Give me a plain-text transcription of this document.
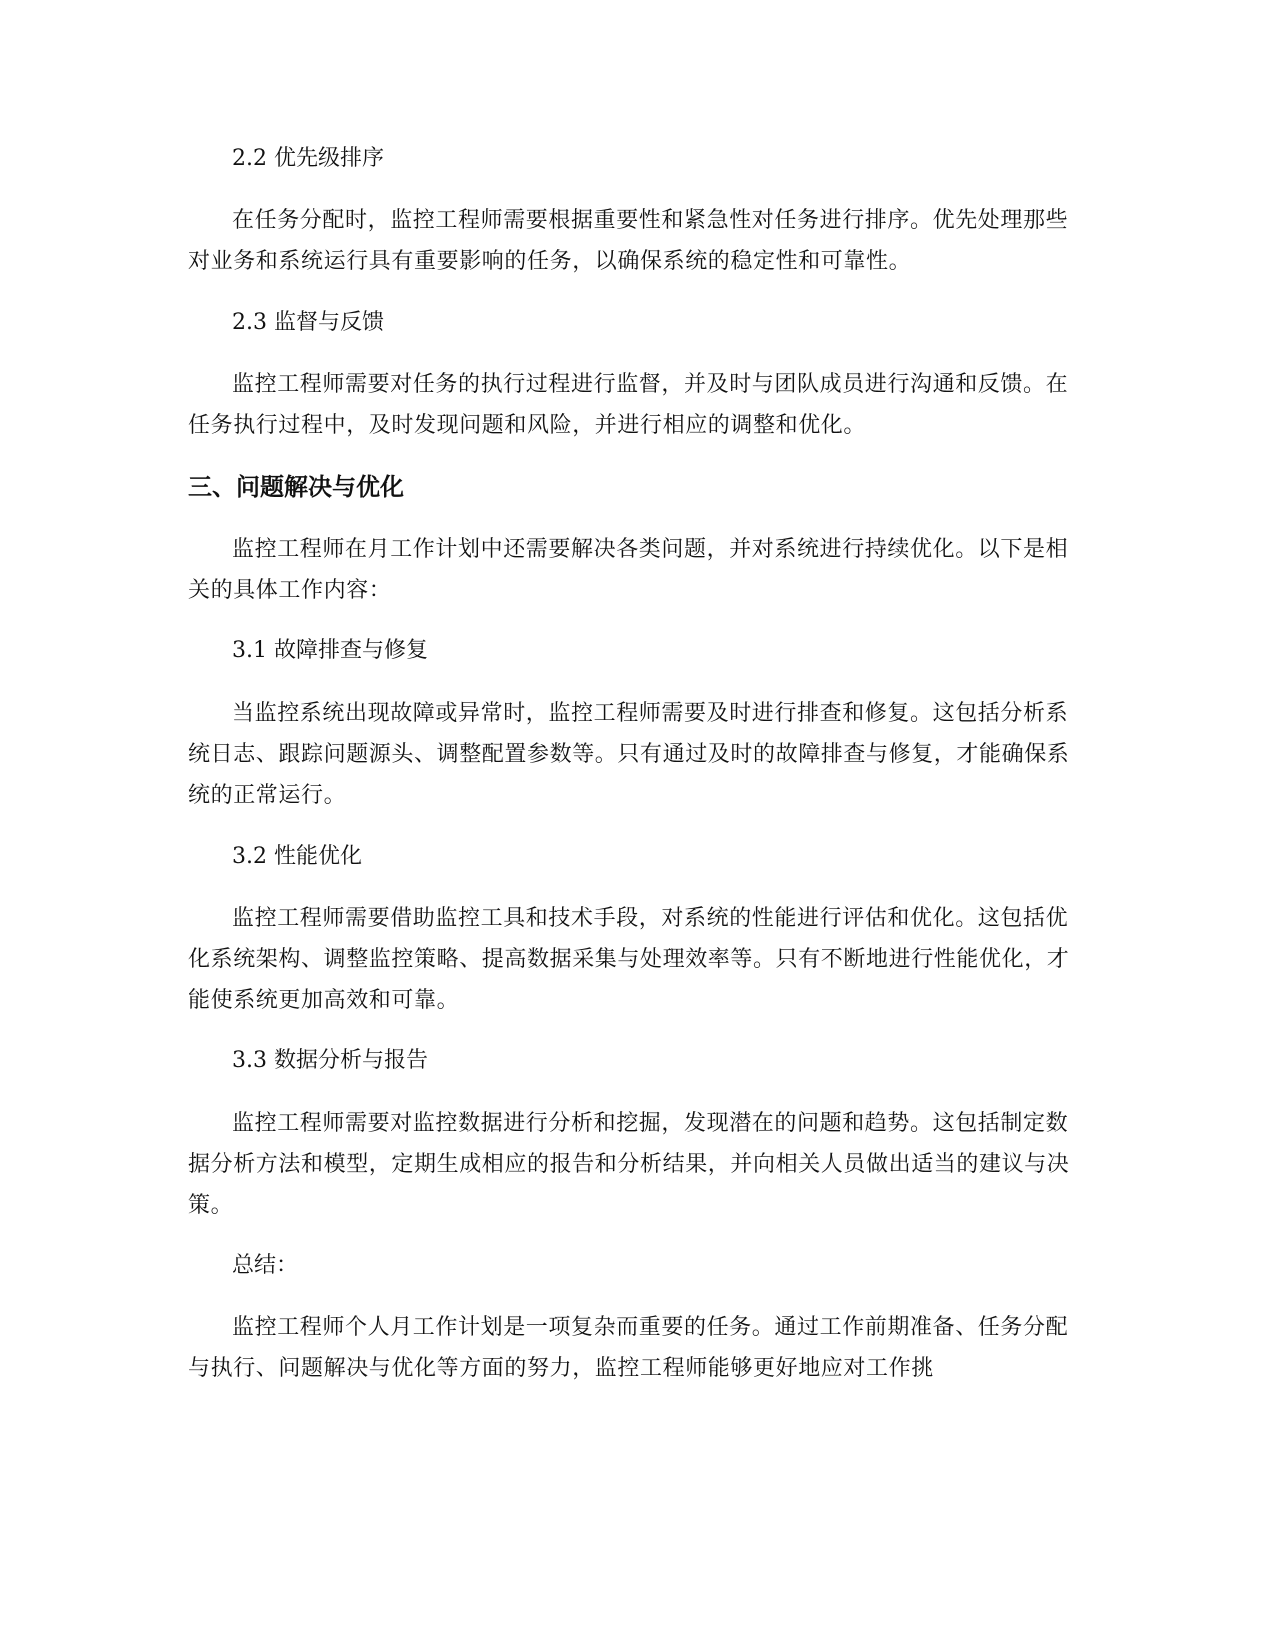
2.2 优先级排序

在任务分配时，监控工程师需要根据重要性和紧急性对任务进行排序。优先处理那些对业务和系统运行具有重要影响的任务，以确保系统的稳定性和可靠性。

2.3 监督与反馈

监控工程师需要对任务的执行过程进行监督，并及时与团队成员进行沟通和反馈。在任务执行过程中，及时发现问题和风险，并进行相应的调整和优化。

三、问题解决与优化

监控工程师在月工作计划中还需要解决各类问题，并对系统进行持续优化。以下是相关的具体工作内容：

3.1 故障排查与修复

当监控系统出现故障或异常时，监控工程师需要及时进行排查和修复。这包括分析系统日志、跟踪问题源头、调整配置参数等。只有通过及时的故障排查与修复，才能确保系统的正常运行。

3.2 性能优化

监控工程师需要借助监控工具和技术手段，对系统的性能进行评估和优化。这包括优化系统架构、调整监控策略、提高数据采集与处理效率等。只有不断地进行性能优化，才能使系统更加高效和可靠。

3.3 数据分析与报告

监控工程师需要对监控数据进行分析和挖掘，发现潜在的问题和趋势。这包括制定数据分析方法和模型，定期生成相应的报告和分析结果，并向相关人员做出适当的建议与决策。

总结：

监控工程师个人月工作计划是一项复杂而重要的任务。通过工作前期准备、任务分配与执行、问题解决与优化等方面的努力，监控工程师能够更好地应对工作挑
